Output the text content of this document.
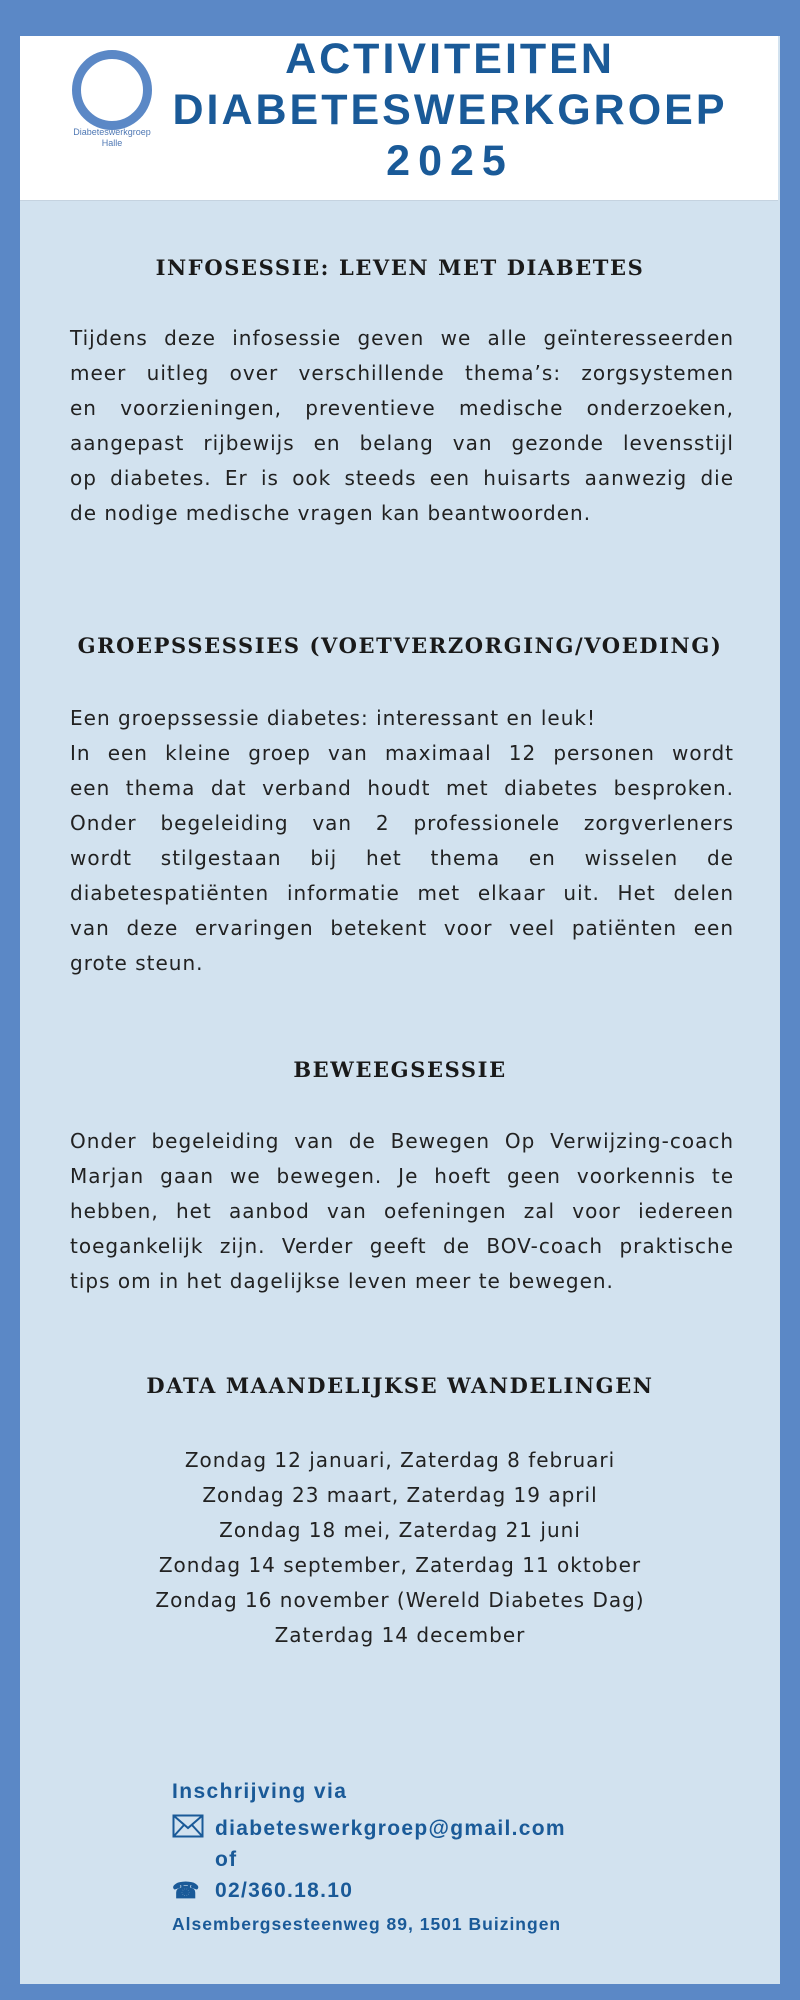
Diabeteswerkgroep
Halle
ACTIVITEITEN
DIABETESWERKGROEP
2025
INFOSESSIE: LEVEN MET DIABETES

Tijdens deze infosessie geven we alle geïnteresseerden
meer uitleg over verschillende thema’s: zorgsystemen
en voorzieningen, preventieve medische onderzoeken,
aangepast rijbewijs en belang van gezonde levensstijl
op diabetes. Er is ook steeds een huisarts aanwezig die
de nodige medische vragen kan beantwoorden.

GROEPSSESSIES (VOETVERZORGING/VOEDING)

Een groepssessie diabetes: interessant en leuk!
In een kleine groep van maximaal 12 personen wordt
een thema dat verband houdt met diabetes besproken.
Onder begeleiding van 2 professionele zorgverleners
wordt stilgestaan bij het thema en wisselen de
diabetespatiënten informatie met elkaar uit. Het delen
van deze ervaringen betekent voor veel patiënten een
grote steun.

BEWEEGSESSIE

Onder begeleiding van de Bewegen Op Verwijzing-coach
Marjan gaan we bewegen. Je hoeft geen voorkennis te
hebben, het aanbod van oefeningen zal voor iedereen
toegankelijk zijn. Verder geeft de BOV-coach praktische
tips om in het dagelijkse leven meer te bewegen.

DATA MAANDELIJKSE WANDELINGEN
Zondag 12 januari, Zaterdag 8 februari
Zondag 23 maart, Zaterdag 19 april
Zondag 18 mei, Zaterdag 21 juni
Zondag 14 september, Zaterdag 11 oktober
Zondag 16 november (Wereld Diabetes Dag)
Zaterdag 14 december
Inschrijving via
diabeteswerkgroep@gmail.com
of
☎ 02/360.18.10
Alsembergsesteenweg 89, 1501 Buizingen
